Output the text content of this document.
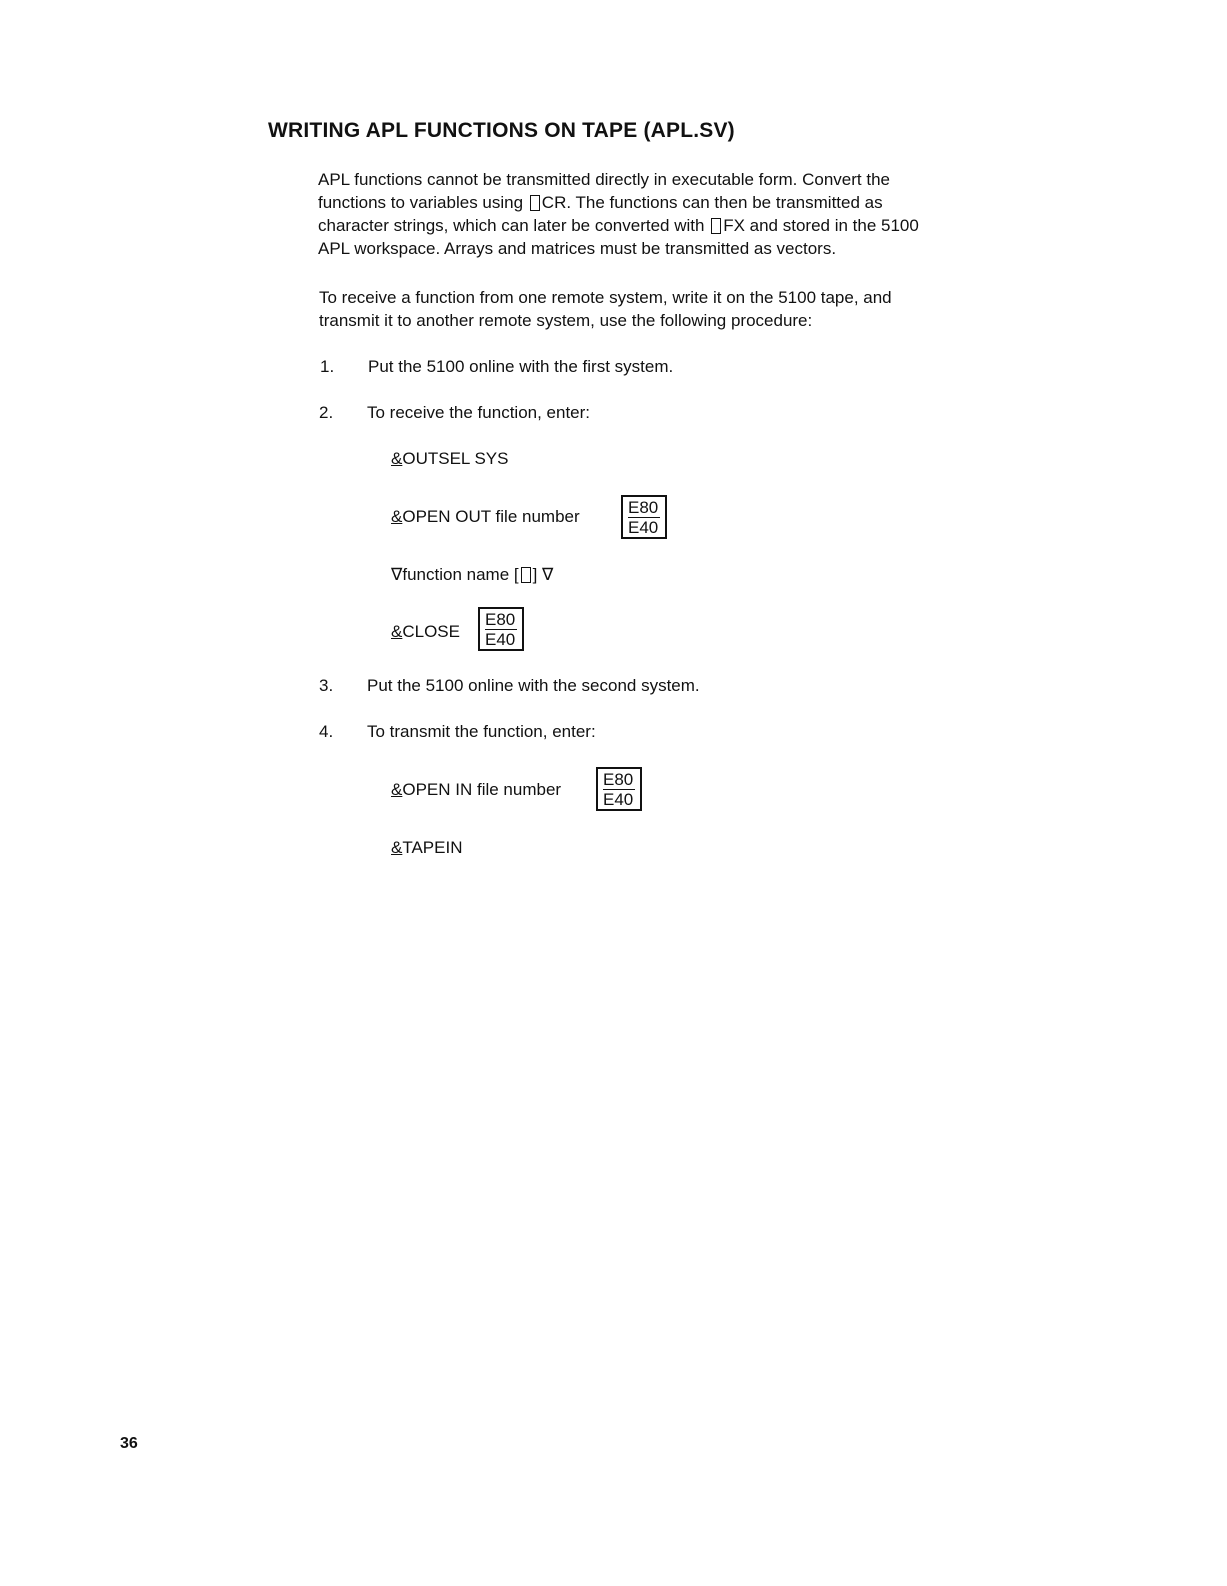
WRITING APL FUNCTIONS ON TAPE (APL.SV)
APL functions cannot be transmitted directly in executable form. Convert the
functions to variables using CR. The functions can then be transmitted as
character strings, which can later be converted with FX and stored in the 5100
APL workspace. Arrays and matrices must be transmitted as vectors.
To receive a function from one remote system, write it on the 5100 tape, and
transmit it to another remote system, use the following procedure:
1. Put the 5100 online with the first system.
2. To receive the function, enter:
&OUTSEL SYS
&OPEN OUT file number	E80
E40
∇function name [ ] ∇
&CLOSE
E80
E40
3. Put the 5100 online with the second system.
4. To transmit the function, enter:
&OPEN IN file number
E80
E40
&TAPEIN
36
